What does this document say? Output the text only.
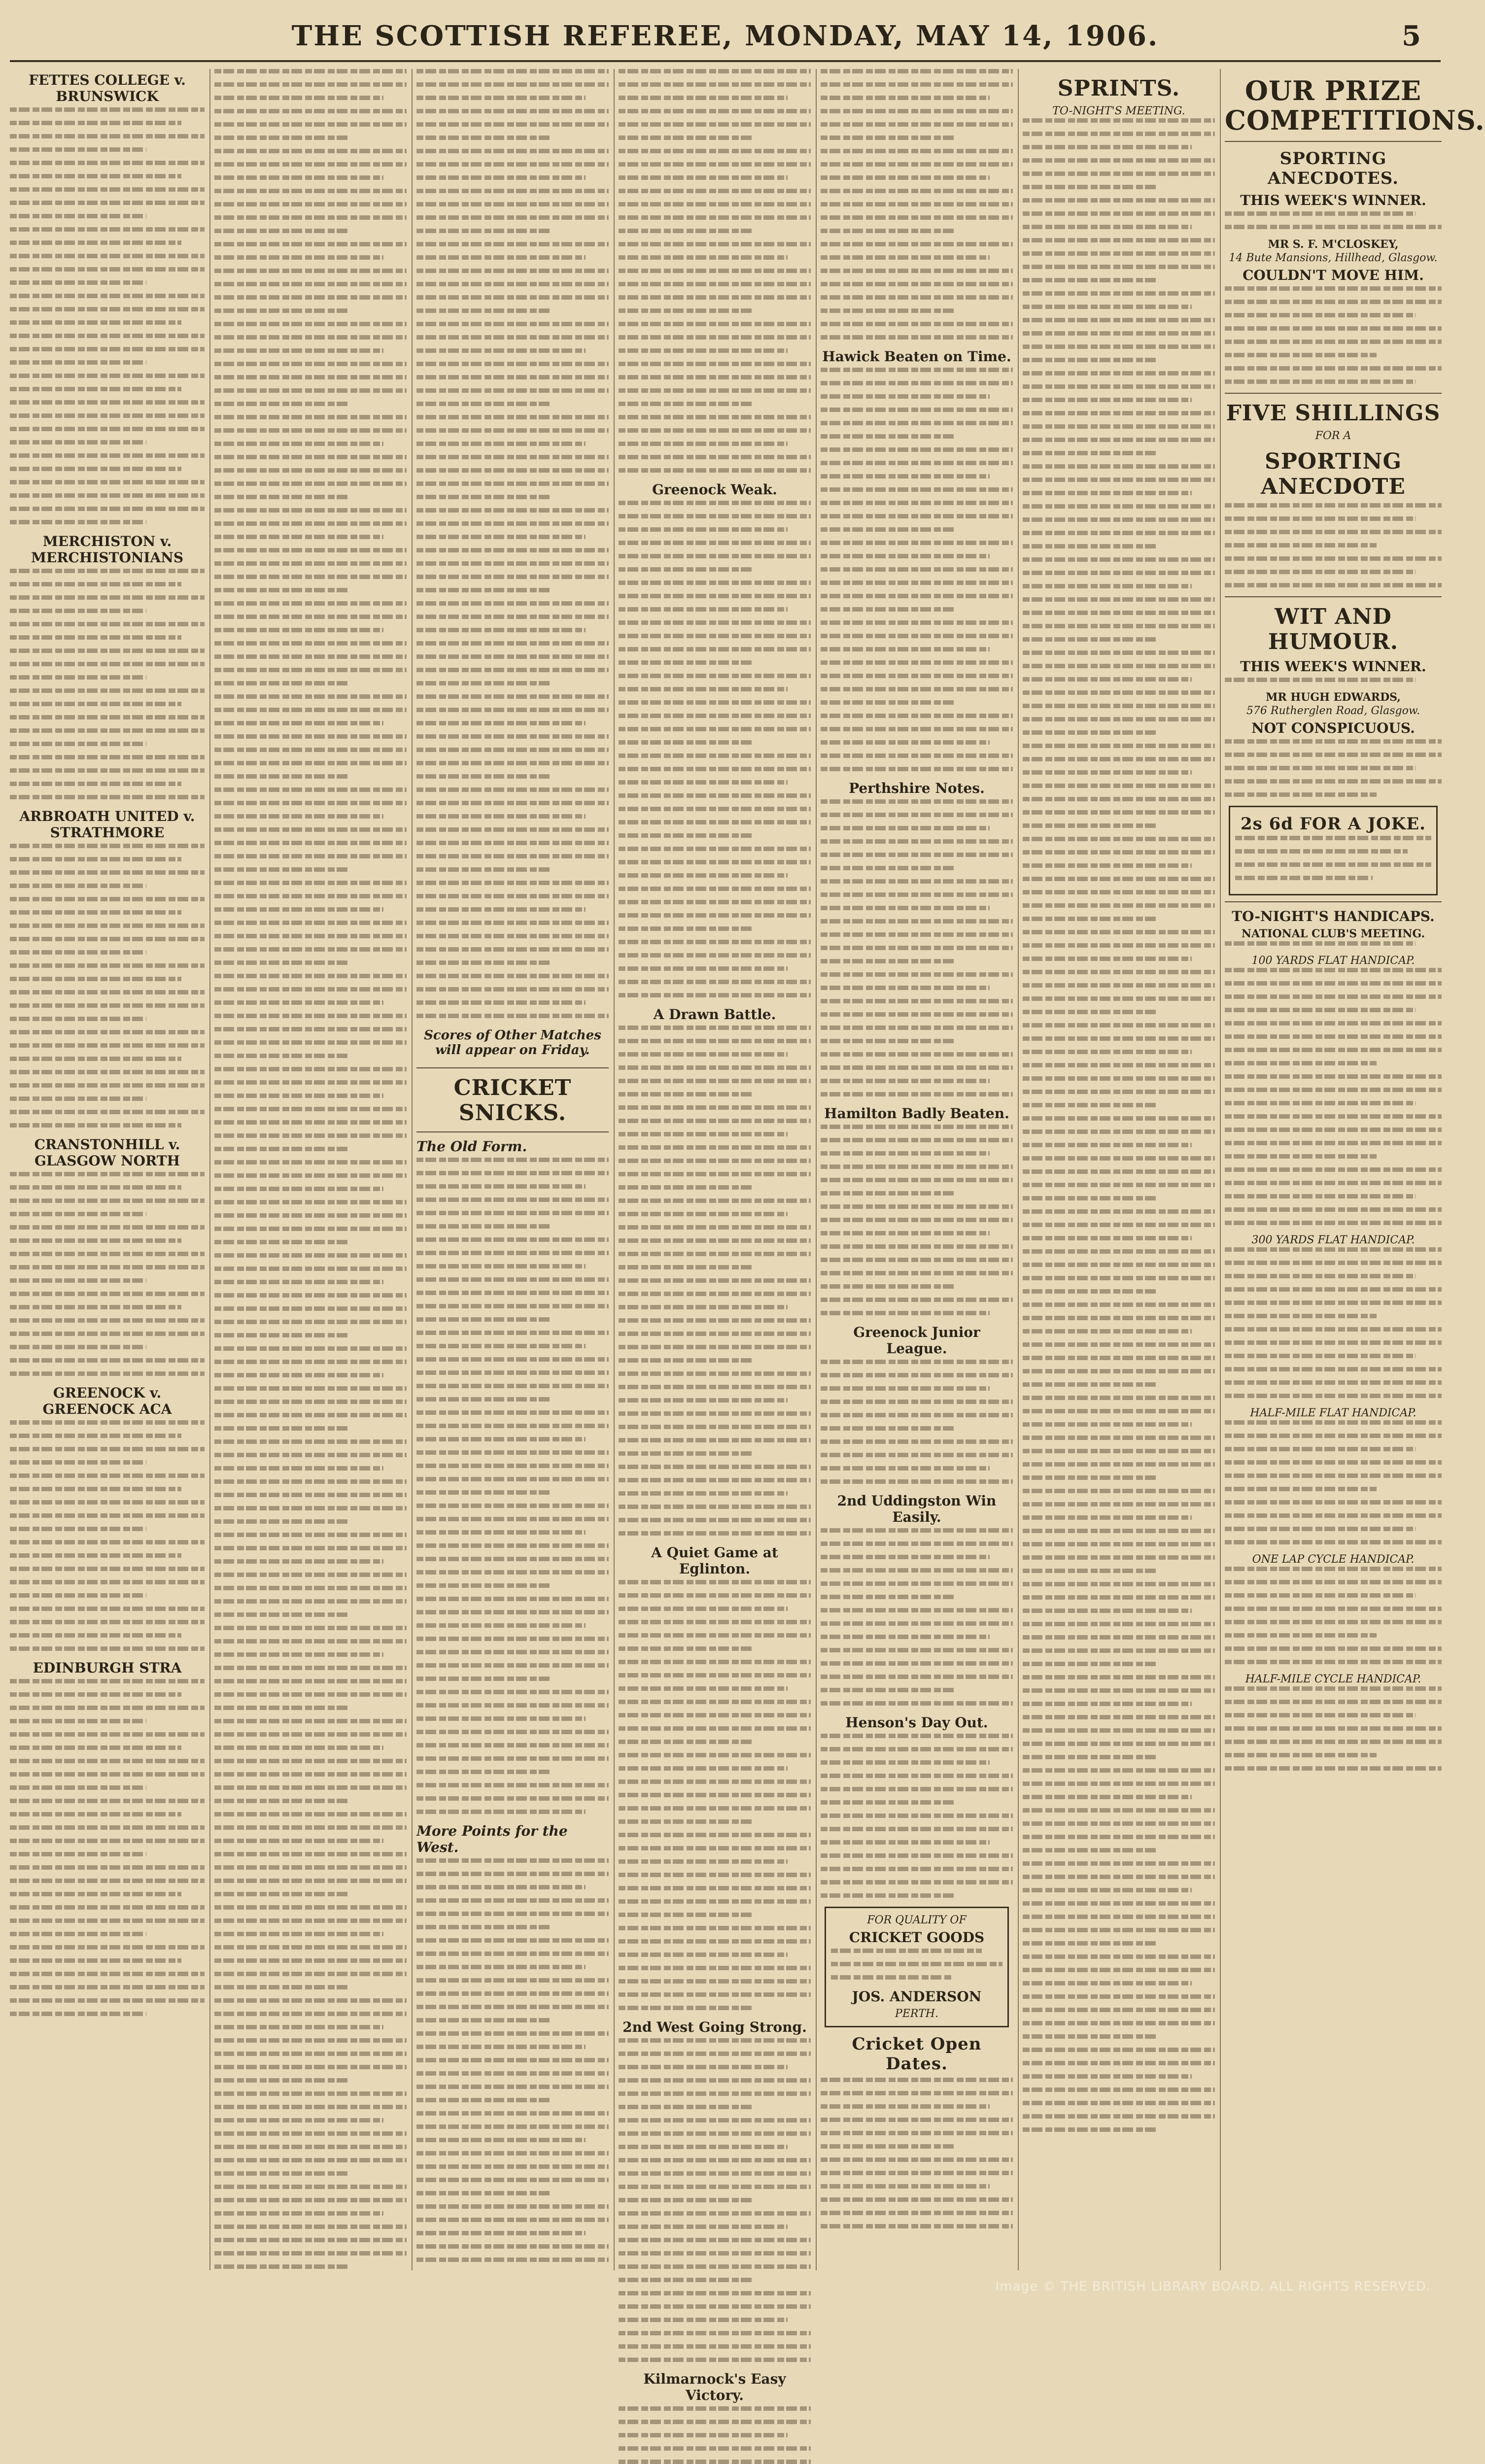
THE SCOTTISH REFEREE, MONDAY, MAY 14, 1906.	5
FETTES COLLEGE v. BRUNSWICK
MERCHISTON v. MERCHISTONIANS
ARBROATH UNITED v. STRATHMORE
CRANSTONHILL v. GLASGOW NORTH
GREENOCK v. GREENOCK ACA
EDINBURGH STRA
Scores of Other Matches will appear on Friday.
CRICKET SNICKS.
The Old Form.
More Points for the West.
Greenock Weak.
A Drawn Battle.
A Quiet Game at Eglinton.
2nd West Going Strong.
Kilmarnock's Easy Victory.
Hawick Beaten on Time.
Perthshire Notes.
Hamilton Badly Beaten.
Greenock Junior League.
2nd Uddingston Win Easily.
Henson's Day Out.
FOR QUALITY OF
CRICKET GOODS
JOS. ANDERSON
PERTH.
Cricket Open Dates.
SPRINTS.
TO-NIGHT'S MEETING.
OUR PRIZE COMPETITIONS.
SPORTING ANECDOTES.
THIS WEEK'S WINNER.
MR S. F. M'CLOSKEY,
14 Bute Mansions, Hillhead, Glasgow.
COULDN'T MOVE HIM.
FIVE SHILLINGS
FOR A
SPORTING ANECDOTE
WIT AND HUMOUR.
THIS WEEK'S WINNER.
MR HUGH EDWARDS,
576 Rutherglen Road, Glasgow.
NOT CONSPICUOUS.
2s 6d FOR A JOKE.
TO-NIGHT'S HANDICAPS.
NATIONAL CLUB'S MEETING.
100 YARDS FLAT HANDICAP.
300 YARDS FLAT HANDICAP.
HALF-MILE FLAT HANDICAP.
ONE LAP CYCLE HANDICAP.
HALF-MILE CYCLE HANDICAP.
Image © THE BRITISH LIBRARY BOARD. ALL RIGHTS RESERVED.
